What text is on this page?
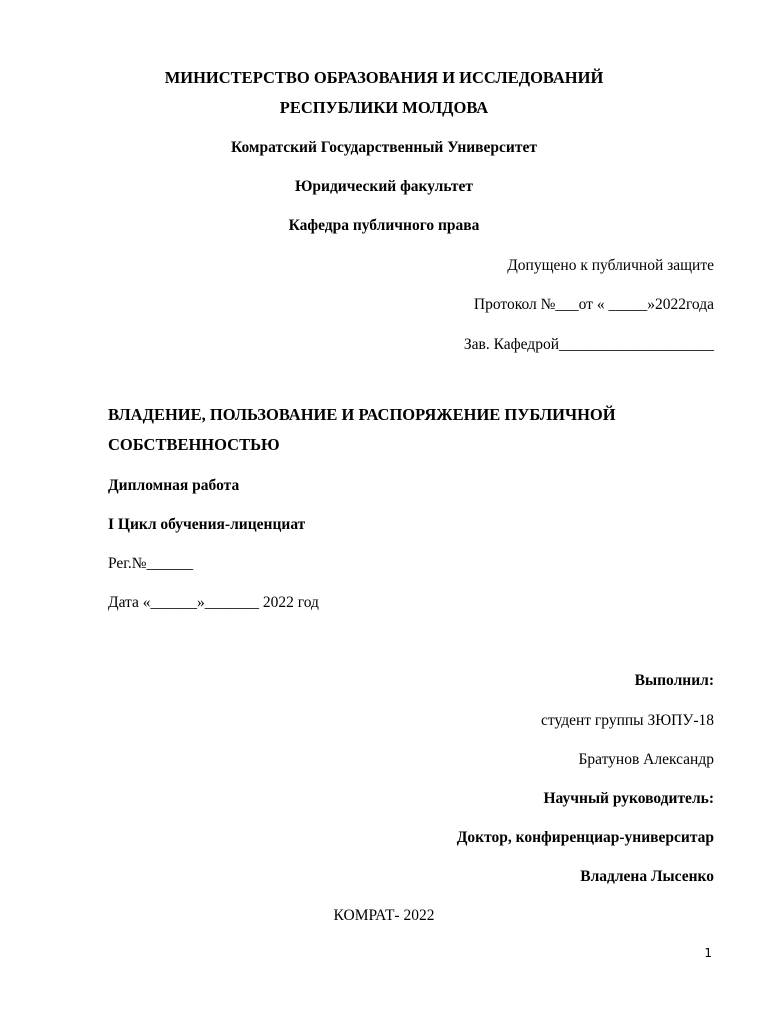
МИНИСТЕРСТВО ОБРАЗОВАНИЯ И ИССЛЕДОВАНИЙ
РЕСПУБЛИКИ МОЛДОВА
Комратский Государственный Университет
Юридический факультет
Кафедра публичного права
Допущено к публичной защите
Протокол №___от « _____»2022года
Зав. Кафедрой____________________
ВЛАДЕНИЕ, ПОЛЬЗОВАНИЕ И РАСПОРЯЖЕНИЕ ПУБЛИЧНОЙ
СОБСТВЕННОСТЬЮ
Дипломная работа
I Цикл обучения-лиценциат
Рег.№______
Дата «______»_______ 2022 год
Выполнил:
студент группы ЗЮПУ-18
Братунов Александр
Научный руководитель:
Доктор, конфиренциар-университар
Владлена Лысенко
КОМРАТ- 2022
1
